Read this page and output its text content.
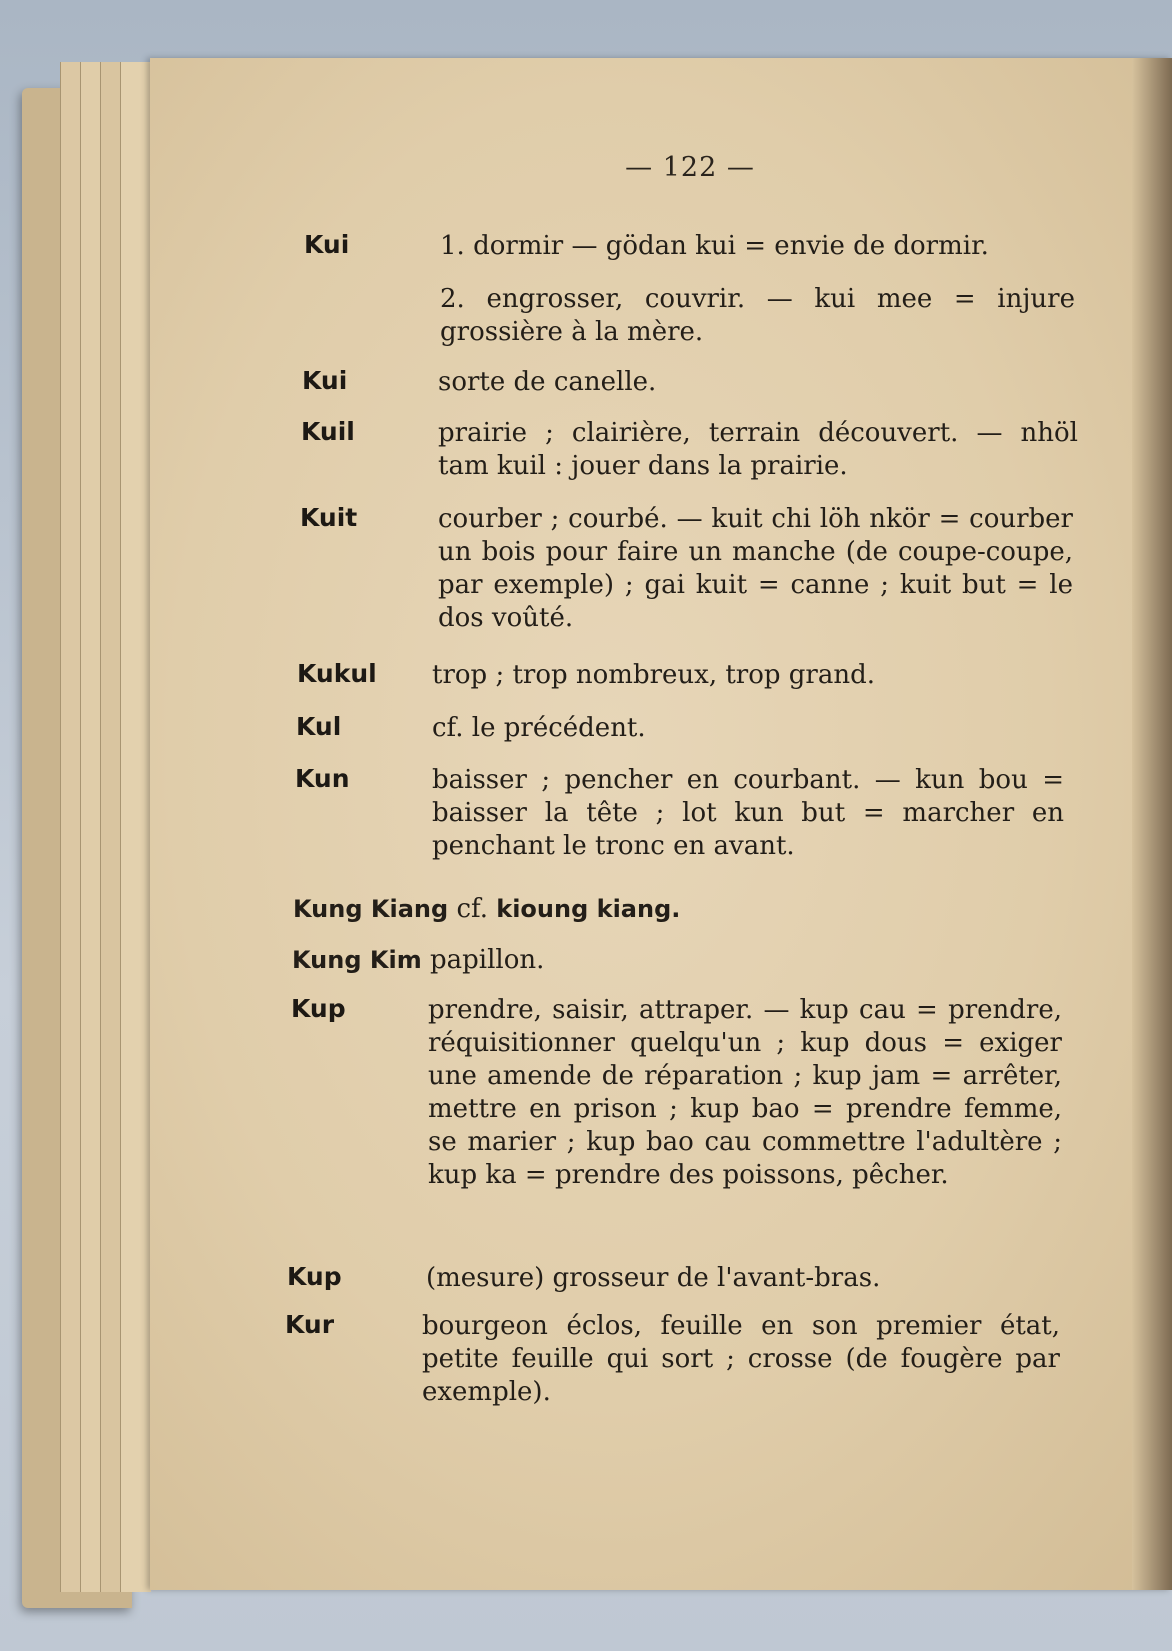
— 122 —
Kui	1. dormir — gödan kui = envie de dormir.
2. engrosser, couvrir. — kui mee = injure grossière à la mère.
Kui	sorte de canelle.
Kuil	prairie ; clairière, terrain découvert. — nhöl tam kuil : jouer dans la prairie.
Kuit	courber ; courbé. — kuit chi löh nkör = courber un bois pour faire un manche (de coupe-coupe, par exemple) ; gai kuit = canne ; kuit but = le dos voûté.
Kukul trop ; trop nombreux, trop grand.
Kul	cf. le précédent.
Kun	baisser ; pencher en courbant. — kun bou = baisser la tête ; lot kun but = marcher en penchant le tronc en avant.
Kung Kiang cf. kioung kiang.
Kung Kim papillon.
Kup	prendre, saisir, attraper. — kup cau = prendre, réquisitionner quelqu'un ; kup dous = exiger une amende de réparation ; kup jam = arrêter, mettre en prison ; kup bao = prendre femme, se marier ; kup bao cau commettre l'adultère ; kup ka = prendre des poissons, pêcher.
Kup	(mesure) grosseur de l'avant-bras.
Kur	bourgeon éclos, feuille en son premier état, petite feuille qui sort ; crosse (de fougère par exemple).
